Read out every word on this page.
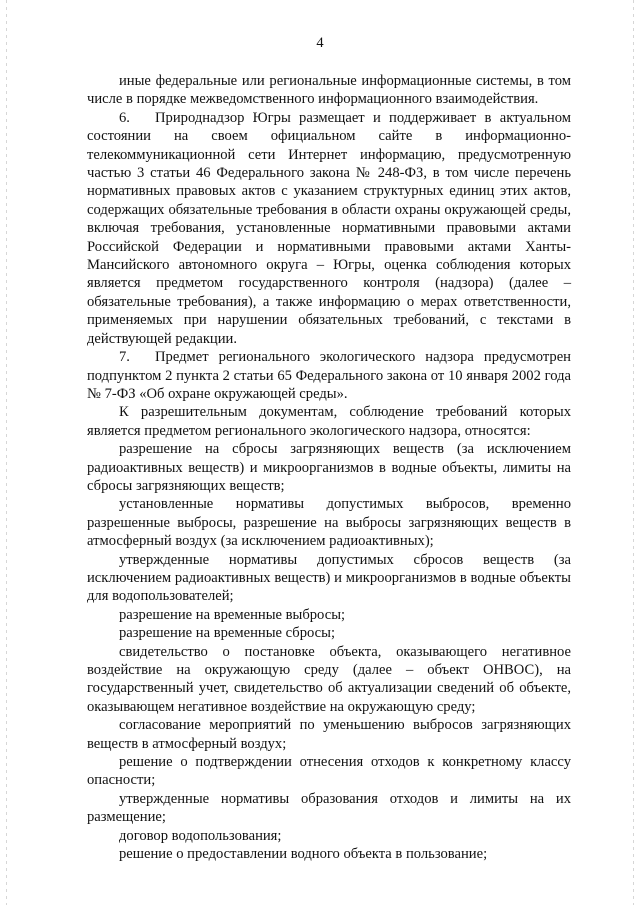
4

иные федеральные или региональные информационные системы, в том числе в порядке межведомственного информационного взаимодействия.

6. Природнадзор Югры размещает и поддерживает в актуальном состоянии на своем официальном сайте в информационно-телекоммуникационной сети Интернет информацию, предусмотренную частью 3 статьи 46 Федерального закона № 248-ФЗ, в том числе перечень нормативных правовых актов с указанием структурных единиц этих актов, содержащих обязательные требования в области охраны окружающей среды, включая требования, установленные нормативными правовыми актами Российской Федерации и нормативными правовыми актами Ханты-Мансийского автономного округа – Югры, оценка соблюдения которых является предметом государственного контроля (надзора) (далее – обязательные требования), а также информацию о мерах ответственности, применяемых при нарушении обязательных требований, с текстами в действующей редакции.

7. Предмет регионального экологического надзора предусмотрен подпунктом 2 пункта 2 статьи 65 Федерального закона от 10 января 2002 года № 7-ФЗ «Об охране окружающей среды».

К разрешительным документам, соблюдение требований которых является предметом регионального экологического надзора, относятся:

разрешение на сбросы загрязняющих веществ (за исключением радиоактивных веществ) и микроорганизмов в водные объекты, лимиты на сбросы загрязняющих веществ;

установленные нормативы допустимых выбросов, временно разрешенные выбросы, разрешение на выбросы загрязняющих веществ в атмосферный воздух (за исключением радиоактивных);

утвержденные нормативы допустимых сбросов веществ (за исключением радиоактивных веществ) и микроорганизмов в водные объекты для водопользователей;

разрешение на временные выбросы;

разрешение на временные сбросы;

свидетельство о постановке объекта, оказывающего негативное воздействие на окружающую среду (далее – объект ОНВОС), на государственный учет, свидетельство об актуализации сведений об объекте, оказывающем негативное воздействие на окружающую среду;

согласование мероприятий по уменьшению выбросов загрязняющих веществ в атмосферный воздух;

решение о подтверждении отнесения отходов к конкретному классу опасности;

утвержденные нормативы образования отходов и лимиты на их размещение;

договор водопользования;

решение о предоставлении водного объекта в пользование;
